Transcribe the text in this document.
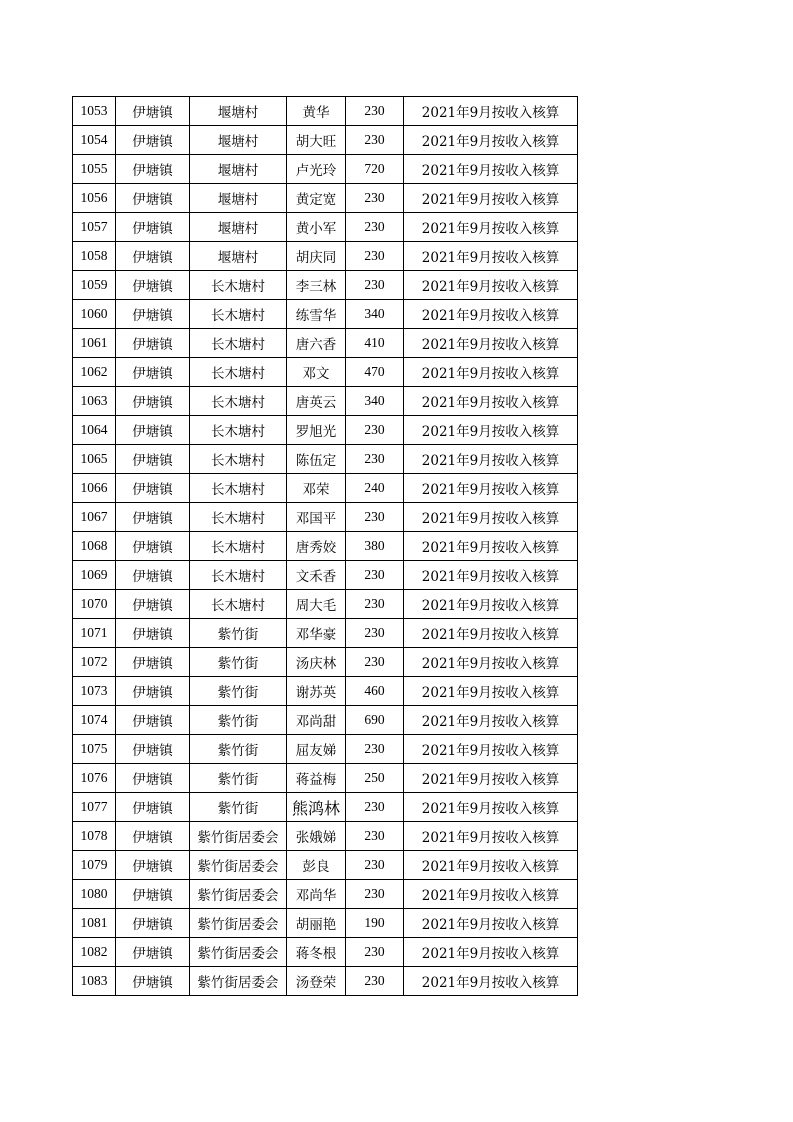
1053	伊塘镇	堰塘村	黄华	230	2021年9月按收入核算
1054	伊塘镇	堰塘村	胡大旺	230	2021年9月按收入核算
1055	伊塘镇	堰塘村	卢光玲	720	2021年9月按收入核算
1056	伊塘镇	堰塘村	黄定宽	230	2021年9月按收入核算
1057	伊塘镇	堰塘村	黄小军	230	2021年9月按收入核算
1058	伊塘镇	堰塘村	胡庆同	230	2021年9月按收入核算
1059	伊塘镇	长木塘村	李三林	230	2021年9月按收入核算
1060	伊塘镇	长木塘村	练雪华	340	2021年9月按收入核算
1061	伊塘镇	长木塘村	唐六香	410	2021年9月按收入核算
1062	伊塘镇	长木塘村	邓文	470	2021年9月按收入核算
1063	伊塘镇	长木塘村	唐英云	340	2021年9月按收入核算
1064	伊塘镇	长木塘村	罗旭光	230	2021年9月按收入核算
1065	伊塘镇	长木塘村	陈伍定	230	2021年9月按收入核算
1066	伊塘镇	长木塘村	邓荣	240	2021年9月按收入核算
1067	伊塘镇	长木塘村	邓国平	230	2021年9月按收入核算
1068	伊塘镇	长木塘村	唐秀姣	380	2021年9月按收入核算
1069	伊塘镇	长木塘村	文禾香	230	2021年9月按收入核算
1070	伊塘镇	长木塘村	周大毛	230	2021年9月按收入核算
1071	伊塘镇	紫竹街	邓华豪	230	2021年9月按收入核算
1072	伊塘镇	紫竹街	汤庆林	230	2021年9月按收入核算
1073	伊塘镇	紫竹街	谢苏英	460	2021年9月按收入核算
1074	伊塘镇	紫竹街	邓尚甜	690	2021年9月按收入核算
1075	伊塘镇	紫竹街	屈友娣	230	2021年9月按收入核算
1076	伊塘镇	紫竹街	蒋益梅	250	2021年9月按收入核算
1077	伊塘镇	紫竹街	熊鸿林	230	2021年9月按收入核算
1078	伊塘镇	紫竹街居委会	张娥娣	230	2021年9月按收入核算
1079	伊塘镇	紫竹街居委会	彭良	230	2021年9月按收入核算
1080	伊塘镇	紫竹街居委会	邓尚华	230	2021年9月按收入核算
1081	伊塘镇	紫竹街居委会	胡丽艳	190	2021年9月按收入核算
1082	伊塘镇	紫竹街居委会	蒋冬根	230	2021年9月按收入核算
1083	伊塘镇	紫竹街居委会	汤登荣	230	2021年9月按收入核算
